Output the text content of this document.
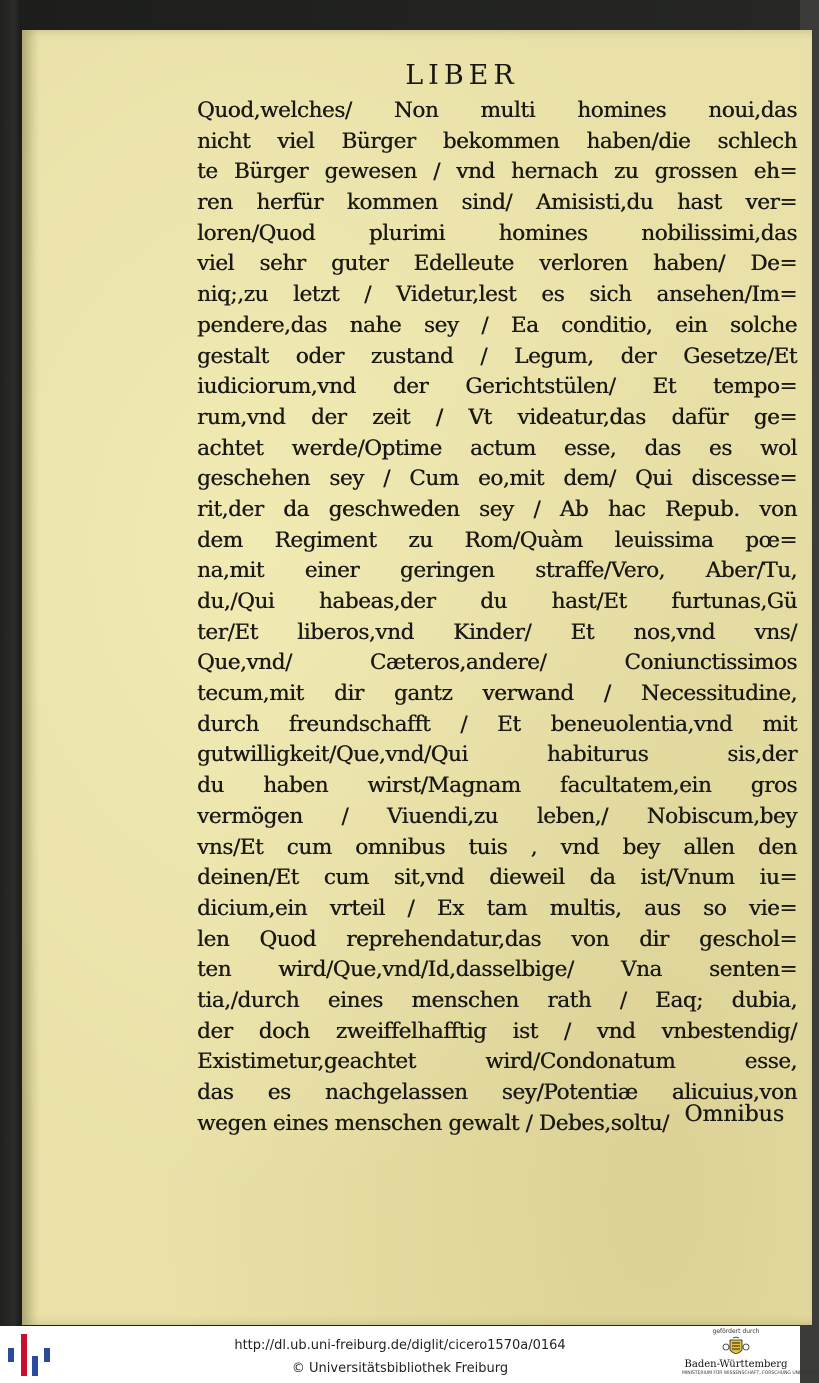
LIBER
Quod,welches/ Non multi homines noui,das
nicht viel Bürger bekommen haben/die schlech
te Bürger gewesen / vnd hernach zu grossen eh=
ren herfür kommen sind/ Amisisti,du hast ver=
loren/Quod plurimi homines nobilissimi,das
viel sehr guter Edelleute verloren haben/ De=
niq;,zu letzt / Videtur,lest es sich ansehen/Im=
pendere,das nahe sey / Ea conditio, ein solche
gestalt oder zustand / Legum, der Gesetze/Et
iudiciorum,vnd der Gerichtstülen/ Et tempo=
rum,vnd der zeit / Vt videatur,das dafür ge=
achtet werde/Optime actum esse, das es wol
geschehen sey / Cum eo,mit dem/ Qui discesse=
rit,der da geschweden sey / Ab hac Repub. von
dem Regiment zu Rom/Quàm leuissima pœ=
na,mit einer geringen straffe/Vero, Aber/Tu,
du,/Qui habeas,der du hast/Et furtunas,Gü
ter/Et liberos,vnd Kinder/ Et nos,vnd vns/
Que,vnd/ Cæteros,andere/ Coniunctissimos
tecum,mit dir gantz verwand / Necessitudine,
durch freundschafft / Et beneuolentia,vnd mit
gutwilligkeit/Que,vnd/Qui habiturus sis,der
du haben wirst/Magnam facultatem,ein gros
vermögen / Viuendi,zu leben,/ Nobiscum,bey
vns/Et cum omnibus tuis , vnd bey allen den
deinen/Et cum sit,vnd dieweil da ist/Vnum iu=
dicium,ein vrteil / Ex tam multis, aus so vie=
len Quod reprehendatur,das von dir geschol=
ten wird/Que,vnd/Id,dasselbige/ Vna senten=
tia,/durch eines menschen rath / Eaq; dubia,
der doch zweiffelhafftig ist / vnd vnbestendig/
Existimetur,geachtet wird/Condonatum esse,
das es nachgelassen sey/Potentiæ alicuius,von
wegen eines menschen gewalt / Debes,soltu/ Omnibus
http://dl.ub.uni-freiburg.de/diglit/cicero1570a/0164
© Universitätsbibliothek Freiburg
gefördert durch
Baden-Württemberg
MINISTERIUM FÜR WISSENSCHAFT, FORSCHUNG UND KUNST
